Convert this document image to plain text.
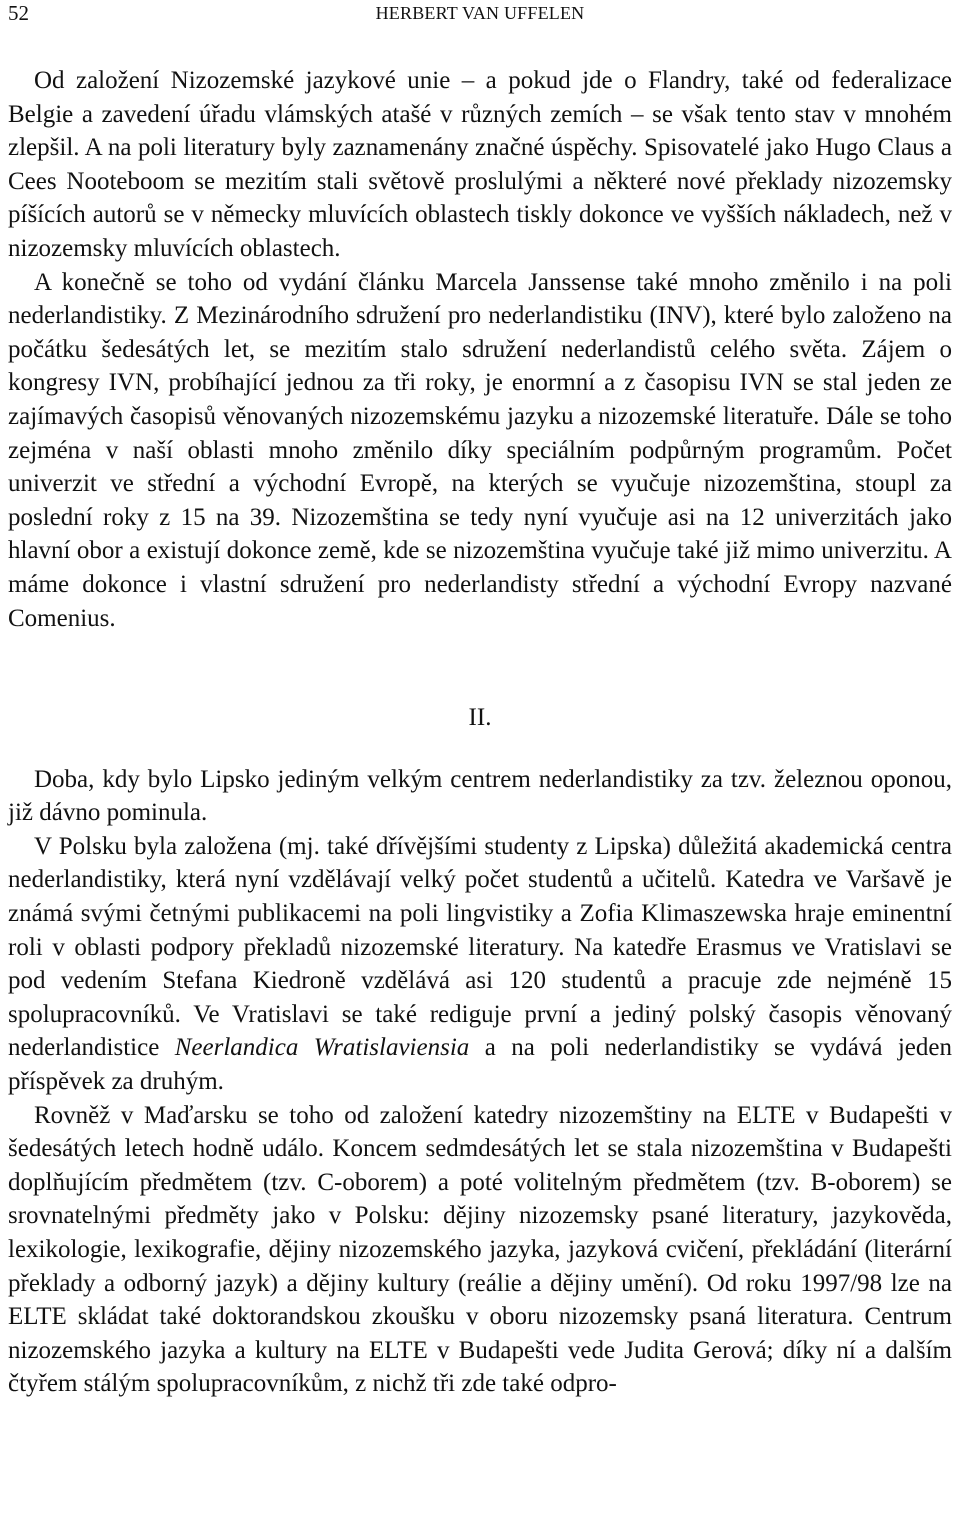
52	HERBERT VAN UFFELEN

Od založení Nizozemské jazykové unie – a pokud jde o Flandry, také od federalizace Belgie a zavedení úřadu vlámských atašé v různých zemích – se však tento stav v mnohém zlepšil. A na poli literatury byly zaznamenány značné úspěchy. Spisovatelé jako Hugo Claus a Cees Nooteboom se mezitím stali světově proslulými a některé nové překlady nizozemsky píšících autorů se v německy mluvících oblastech tiskly dokonce ve vyšších nákladech, než v nizozemsky mluvících oblastech.

A konečně se toho od vydání článku Marcela Janssense také mnoho změnilo i na poli nederlandistiky. Z Mezinárodního sdružení pro nederlandistiku (INV), které bylo založeno na počátku šedesátých let, se mezitím stalo sdružení nederlandistů celého světa. Zájem o kongresy IVN, probíhající jednou za tři roky, je enormní a z časopisu IVN se stal jeden ze zajímavých časopisů věnovaných nizozemskému jazyku a nizozemské literatuře. Dále se toho zejména v naší oblasti mnoho změnilo díky speciálním podpůrným programům. Počet univerzit ve střední a východní Evropě, na kterých se vyučuje nizozemština, stoupl za poslední roky z 15 na 39. Nizozemština se tedy nyní vyučuje asi na 12 univerzitách jako hlavní obor a existují dokonce země, kde se nizozemština vyučuje také již mimo univerzitu. A máme dokonce i vlastní sdružení pro nederlandisty střední a východní Evropy nazvané Comenius.

II.

Doba, kdy bylo Lipsko jediným velkým centrem nederlandistiky za tzv. železnou oponou, již dávno pominula.

V Polsku byla založena (mj. také dřívějšími studenty z Lipska) důležitá akademická centra nederlandistiky, která nyní vzdělávají velký počet studentů a učitelů. Katedra ve Varšavě je známá svými četnými publikacemi na poli lingvistiky a Zofia Klimaszewska hraje eminentní roli v oblasti podpory překladů nizozemské literatury. Na katedře Erasmus ve Vratislavi se pod vedením Stefana Kiedroně vzdělává asi 120 studentů a pracuje zde nejméně 15 spolupracovníků. Ve Vratislavi se také rediguje první a jediný polský časopis věnovaný nederlandistice Neerlandica Wratislaviensia a na poli nederlandistiky se vydává jeden příspěvek za druhým.

Rovněž v Maďarsku se toho od založení katedry nizozemštiny na ELTE v Budapešti v šedesátých letech hodně událo. Koncem sedmdesátých let se stala nizozemština v Budapešti doplňujícím předmětem (tzv. C-oborem) a poté volitelným předmětem (tzv. B-oborem) se srovnatelnými předměty jako v Polsku: dějiny nizozemsky psané literatury, jazykověda, lexikologie, lexikografie, dějiny nizozemského jazyka, jazyková cvičení, překládání (literární překlady a odborný jazyk) a dějiny kultury (reálie a dějiny umění). Od roku 1997/98 lze na ELTE skládat také doktorandskou zkoušku v oboru nizozemsky psaná literatura. Centrum nizozemského jazyka a kultury na ELTE v Budapešti vede Judita Gerová; díky ní a dalším čtyřem stálým spolupracovníkům, z nichž tři zde také odpro-
